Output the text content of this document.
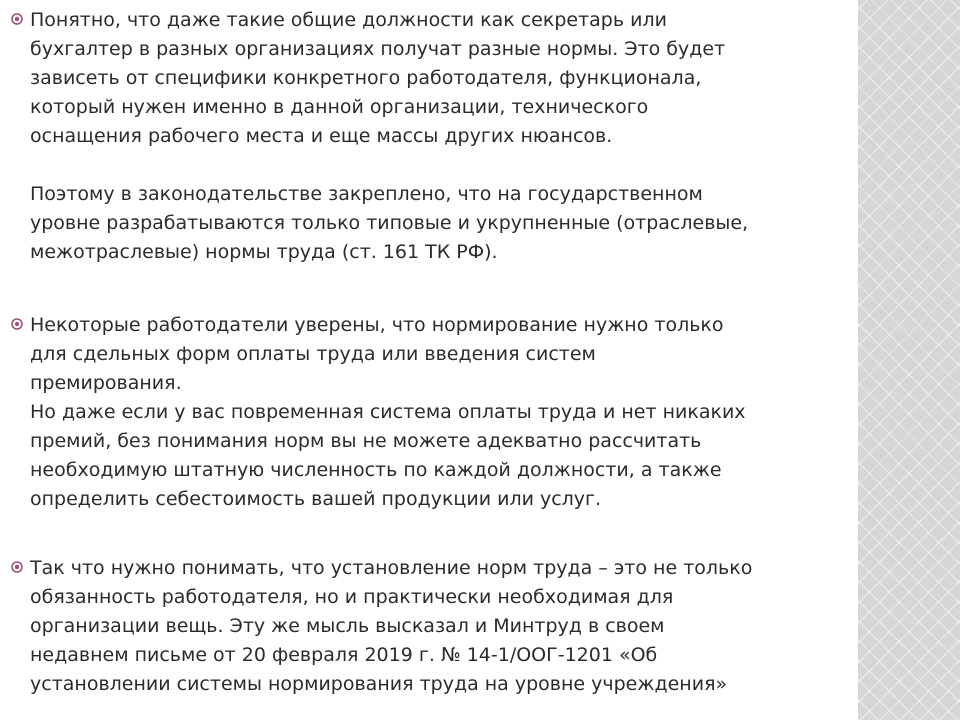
Понятно, что даже такие общие должности как секретарь или
бухгалтер в разных организациях получат разные нормы. Это будет
зависеть от специфики конкретного работодателя, функционала,
который нужен именно в данной организации, технического
оснащения рабочего места и еще массы других нюансов.
Поэтому в законодательстве закреплено, что на государственном
уровне разрабатываются только типовые и укрупненные (отраслевые,
межотраслевые) нормы труда (ст. 161 ТК РФ).
Некоторые работодатели уверены, что нормирование нужно только
для сдельных форм оплаты труда или введения систем
премирования.
Но даже если у вас повременная система оплаты труда и нет никаких
премий, без понимания норм вы не можете адекватно рассчитать
необходимую штатную численность по каждой должности, а также
определить себестоимость вашей продукции или услуг.
Так что нужно понимать, что установление норм труда – это не только
обязанность работодателя, но и практически необходимая для
организации вещь. Эту же мысль высказал и Минтруд в своем
недавнем письме от 20 февраля 2019 г. № 14-1/ООГ-1201 «Об
установлении системы нормирования труда на уровне учреждения»
